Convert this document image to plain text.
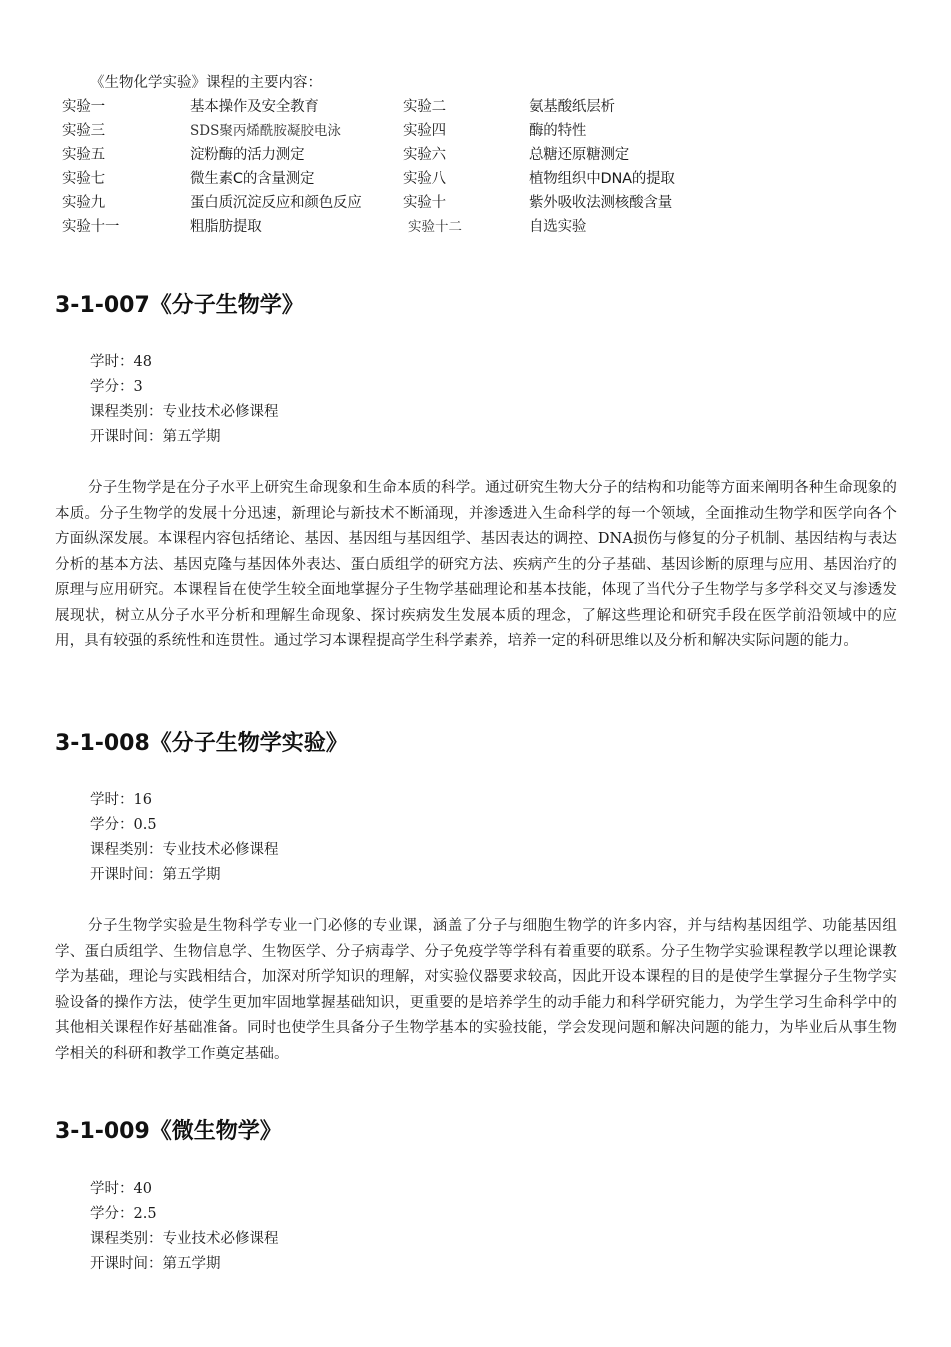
《生物化学实验》课程的主要内容：
实验一	基本操作及安全教育	实验二	氨基酸纸层析
实验三	SDS聚丙烯酰胺凝胶电泳	实验四	酶的特性
实验五	淀粉酶的活力测定	实验六	总糖还原糖测定
实验七	微生素C的含量测定	实验八	植物组织中DNA的提取
实验九	蛋白质沉淀反应和颜色反应	实验十	紫外吸收法测核酸含量
实验十一	粗脂肪提取	实验十二	自选实验
3-1-007《分子生物学》
学时：48
学分：3
课程类别：专业技术必修课程
开课时间：第五学期
分子生物学是在分子水平上研究生命现象和生命本质的科学。通过研究生物大分子的结构和功能等方面来阐明各种生命现象的本质。分子生物学的发展十分迅速，新理论与新技术不断涌现，并渗透进入生命科学的每一个领域，全面推动生物学和医学向各个方面纵深发展。本课程内容包括绪论、基因、基因组与基因组学、基因表达的调控、DNA损伤与修复的分子机制、基因结构与表达分析的基本方法、基因克隆与基因体外表达、蛋白质组学的研究方法、疾病产生的分子基础、基因诊断的原理与应用、基因治疗的原理与应用研究。本课程旨在使学生较全面地掌握分子生物学基础理论和基本技能，体现了当代分子生物学与多学科交叉与渗透发展现状，树立从分子水平分析和理解生命现象、探讨疾病发生发展本质的理念，了解这些理论和研究手段在医学前沿领域中的应用，具有较强的系统性和连贯性。通过学习本课程提高学生科学素养，培养一定的科研思维以及分析和解决实际问题的能力。
3-1-008《分子生物学实验》
学时：16
学分：0.5
课程类别：专业技术必修课程
开课时间：第五学期
分子生物学实验是生物科学专业一门必修的专业课，涵盖了分子与细胞生物学的许多内容，并与结构基因组学、功能基因组学、蛋白质组学、生物信息学、生物医学、分子病毒学、分子免疫学等学科有着重要的联系。分子生物学实验课程教学以理论课教学为基础，理论与实践相结合，加深对所学知识的理解，对实验仪器要求较高，因此开设本课程的目的是使学生掌握分子生物学实验设备的操作方法，使学生更加牢固地掌握基础知识，更重要的是培养学生的动手能力和科学研究能力，为学生学习生命科学中的其他相关课程作好基础准备。同时也使学生具备分子生物学基本的实验技能，学会发现问题和解决问题的能力，为毕业后从事生物学相关的科研和教学工作奠定基础。
3-1-009《微生物学》
学时：40
学分：2.5
课程类别：专业技术必修课程
开课时间：第五学期
